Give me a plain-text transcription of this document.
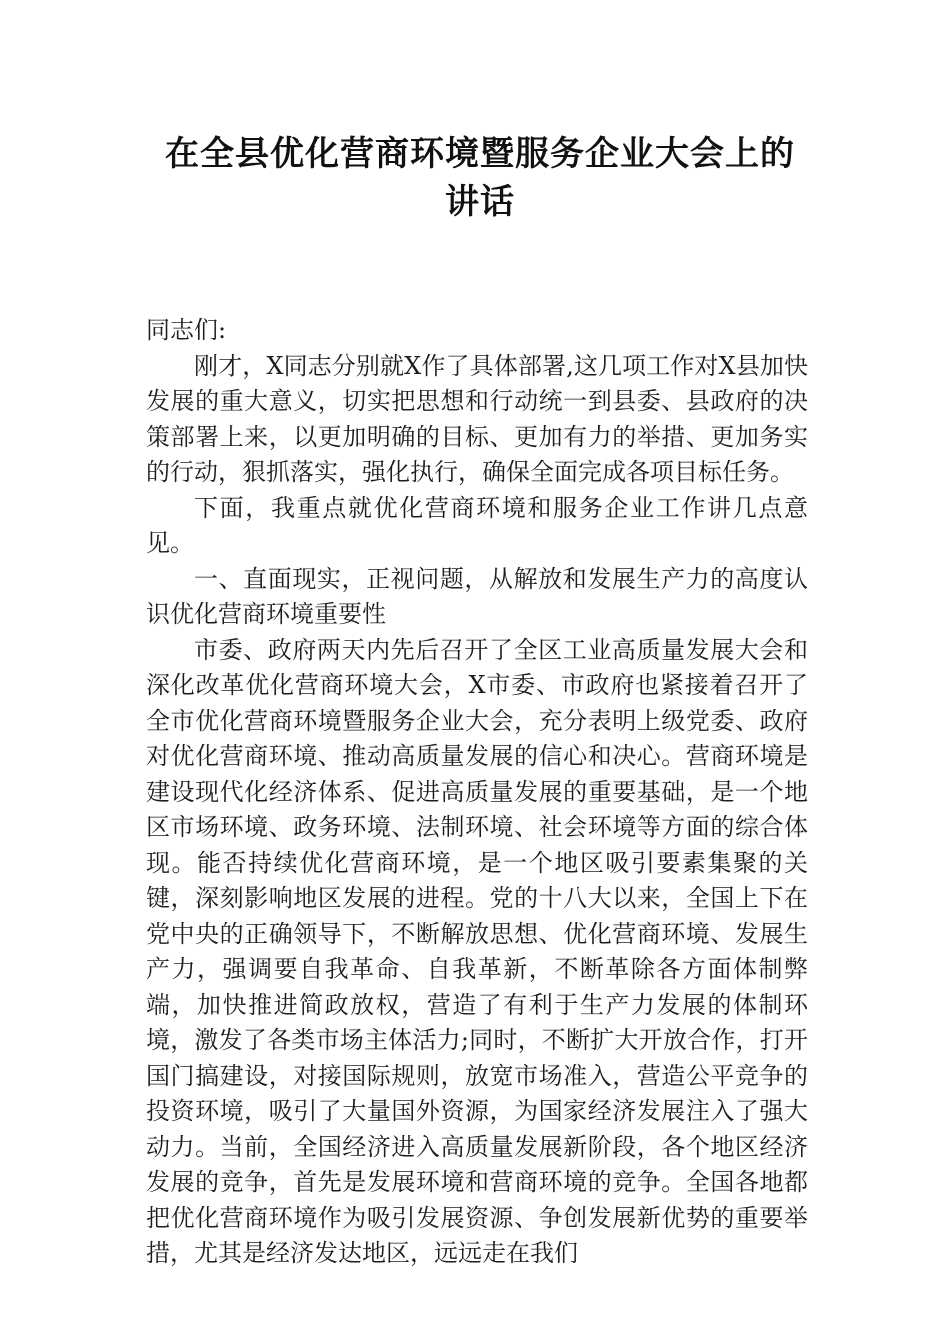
在全县优化营商环境暨服务企业大会上的讲话

同志们:

刚才，X同志分别就X作了具体部署,这几项工作对X县加快发展的重大意义，切实把思想和行动统一到县委、县政府的决策部署上来，以更加明确的目标、更加有力的举措、更加务实的行动，狠抓落实，强化执行，确保全面完成各项目标任务。

下面，我重点就优化营商环境和服务企业工作讲几点意见。

一、直面现实，正视问题，从解放和发展生产力的高度认识优化营商环境重要性

市委、政府两天内先后召开了全区工业高质量发展大会和深化改革优化营商环境大会，X市委、市政府也紧接着召开了全市优化营商环境暨服务企业大会，充分表明上级党委、政府对优化营商环境、推动高质量发展的信心和决心。营商环境是建设现代化经济体系、促进高质量发展的重要基础，是一个地区市场环境、政务环境、法制环境、社会环境等方面的综合体现。能否持续优化营商环境，是一个地区吸引要素集聚的关键，深刻影响地区发展的进程。党的十八大以来，全国上下在党中央的正确领导下，不断解放思想、优化营商环境、发展生产力，强调要自我革命、自我革新，不断革除各方面体制弊端，加快推进简政放权，营造了有利于生产力发展的体制环境，激发了各类市场主体活力;同时，不断扩大开放合作，打开国门搞建设，对接国际规则，放宽市场准入，营造公平竞争的投资环境，吸引了大量国外资源，为国家经济发展注入了强大动力。当前，全国经济进入高质量发展新阶段，各个地区经济发展的竞争，首先是发展环境和营商环境的竞争。全国各地都把优化营商环境作为吸引发展资源、争创发展新优势的重要举措，尤其是经济发达地区，远远走在我们
